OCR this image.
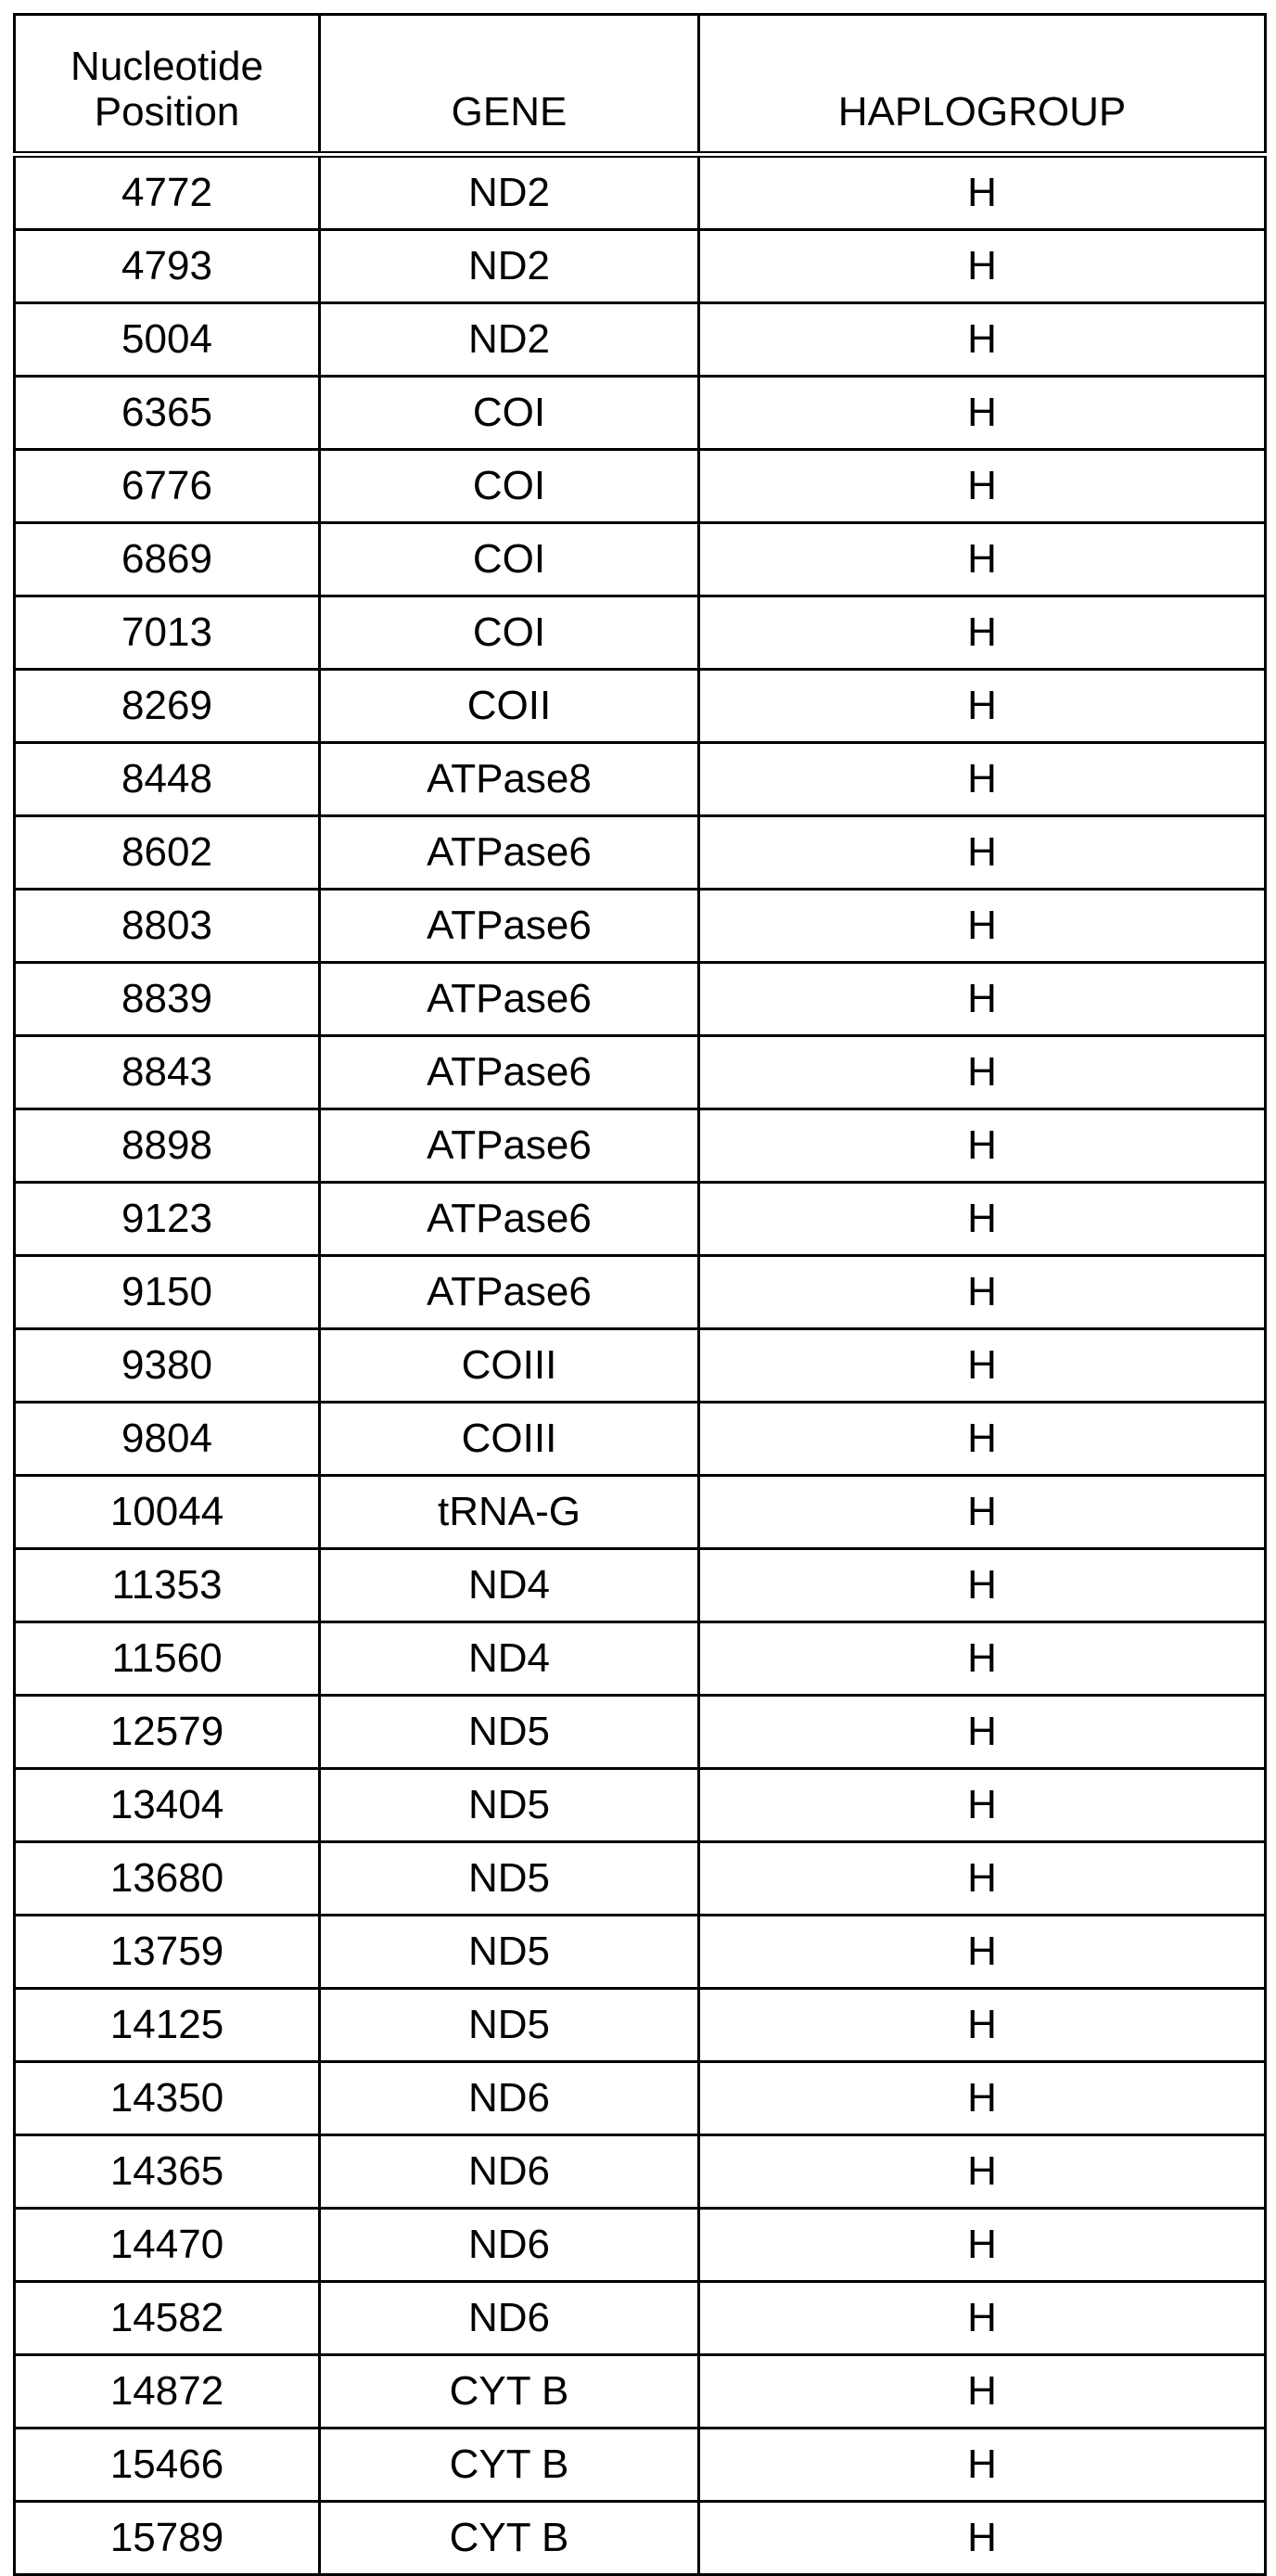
Nucleotide
Position	GENE	HAPLOGROUP
4772	ND2	H
4793	ND2	H
5004	ND2	H
6365	COI	H
6776	COI	H
6869	COI	H
7013	COI	H
8269	COII	H
8448	ATPase8	H
8602	ATPase6	H
8803	ATPase6	H
8839	ATPase6	H
8843	ATPase6	H
8898	ATPase6	H
9123	ATPase6	H
9150	ATPase6	H
9380	COIII	H
9804	COIII	H
10044	tRNA-G	H
11353	ND4	H
11560	ND4	H
12579	ND5	H
13404	ND5	H
13680	ND5	H
13759	ND5	H
14125	ND5	H
14350	ND6	H
14365	ND6	H
14470	ND6	H
14582	ND6	H
14872	CYT B	H
15466	CYT B	H
15789	CYT B	H
